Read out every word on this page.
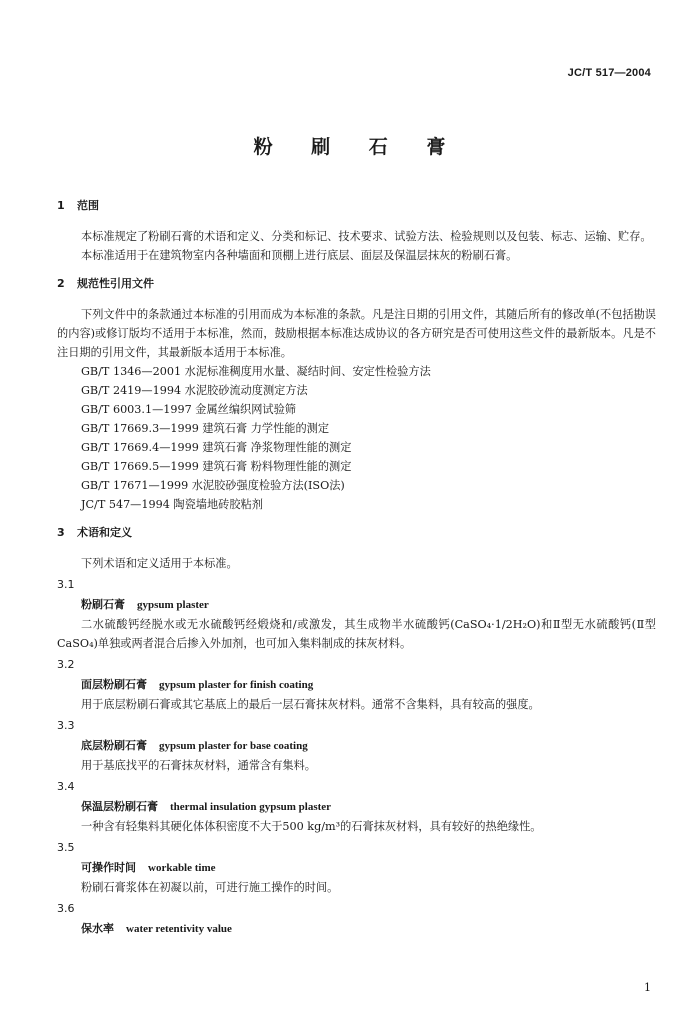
JC/T 517—2004
粉 刷 石 膏

1 范围

本标准规定了粉刷石膏的术语和定义、分类和标记、技术要求、试验方法、检验规则以及包装、标志、运输、贮存。

本标准适用于在建筑物室内各种墙面和顶棚上进行底层、面层及保温层抹灰的粉刷石膏。

2 规范性引用文件

下列文件中的条款通过本标准的引用而成为本标准的条款。凡是注日期的引用文件，其随后所有的修改单(不包括勘误的内容)或修订版均不适用于本标准，然而，鼓励根据本标准达成协议的各方研究是否可使用这些文件的最新版本。凡是不注日期的引用文件，其最新版本适用于本标准。

GB/T 1346—2001 水泥标准稠度用水量、凝结时间、安定性检验方法

GB/T 2419—1994 水泥胶砂流动度测定方法

GB/T 6003.1—1997 金属丝编织网试验筛

GB/T 17669.3—1999 建筑石膏 力学性能的测定

GB/T 17669.4—1999 建筑石膏 净浆物理性能的测定

GB/T 17669.5—1999 建筑石膏 粉料物理性能的测定

GB/T 17671—1999 水泥胶砂强度检验方法(ISO法)

JC/T 547—1994 陶瓷墙地砖胶粘剂

3 术语和定义

下列术语和定义适用于本标准。

3.1

粉刷石膏 gypsum plaster

二水硫酸钙经脱水或无水硫酸钙经煅烧和/或激发，其生成物半水硫酸钙(CaSO₄·1/2H₂O)和Ⅱ型无水硫酸钙(Ⅱ型CaSO₄)单独或两者混合后掺入外加剂，也可加入集料制成的抹灰材料。

3.2

面层粉刷石膏 gypsum plaster for finish coating

用于底层粉刷石膏或其它基底上的最后一层石膏抹灰材料。通常不含集料，具有较高的强度。

3.3

底层粉刷石膏 gypsum plaster for base coating

用于基底找平的石膏抹灰材料，通常含有集料。

3.4

保温层粉刷石膏 thermal insulation gypsum plaster

一种含有轻集料其硬化体体积密度不大于500 kg/m³的石膏抹灰材料，具有较好的热绝缘性。

3.5

可操作时间 workable time

粉刷石膏浆体在初凝以前，可进行施工操作的时间。

3.6

保水率 water retentivity value

1
